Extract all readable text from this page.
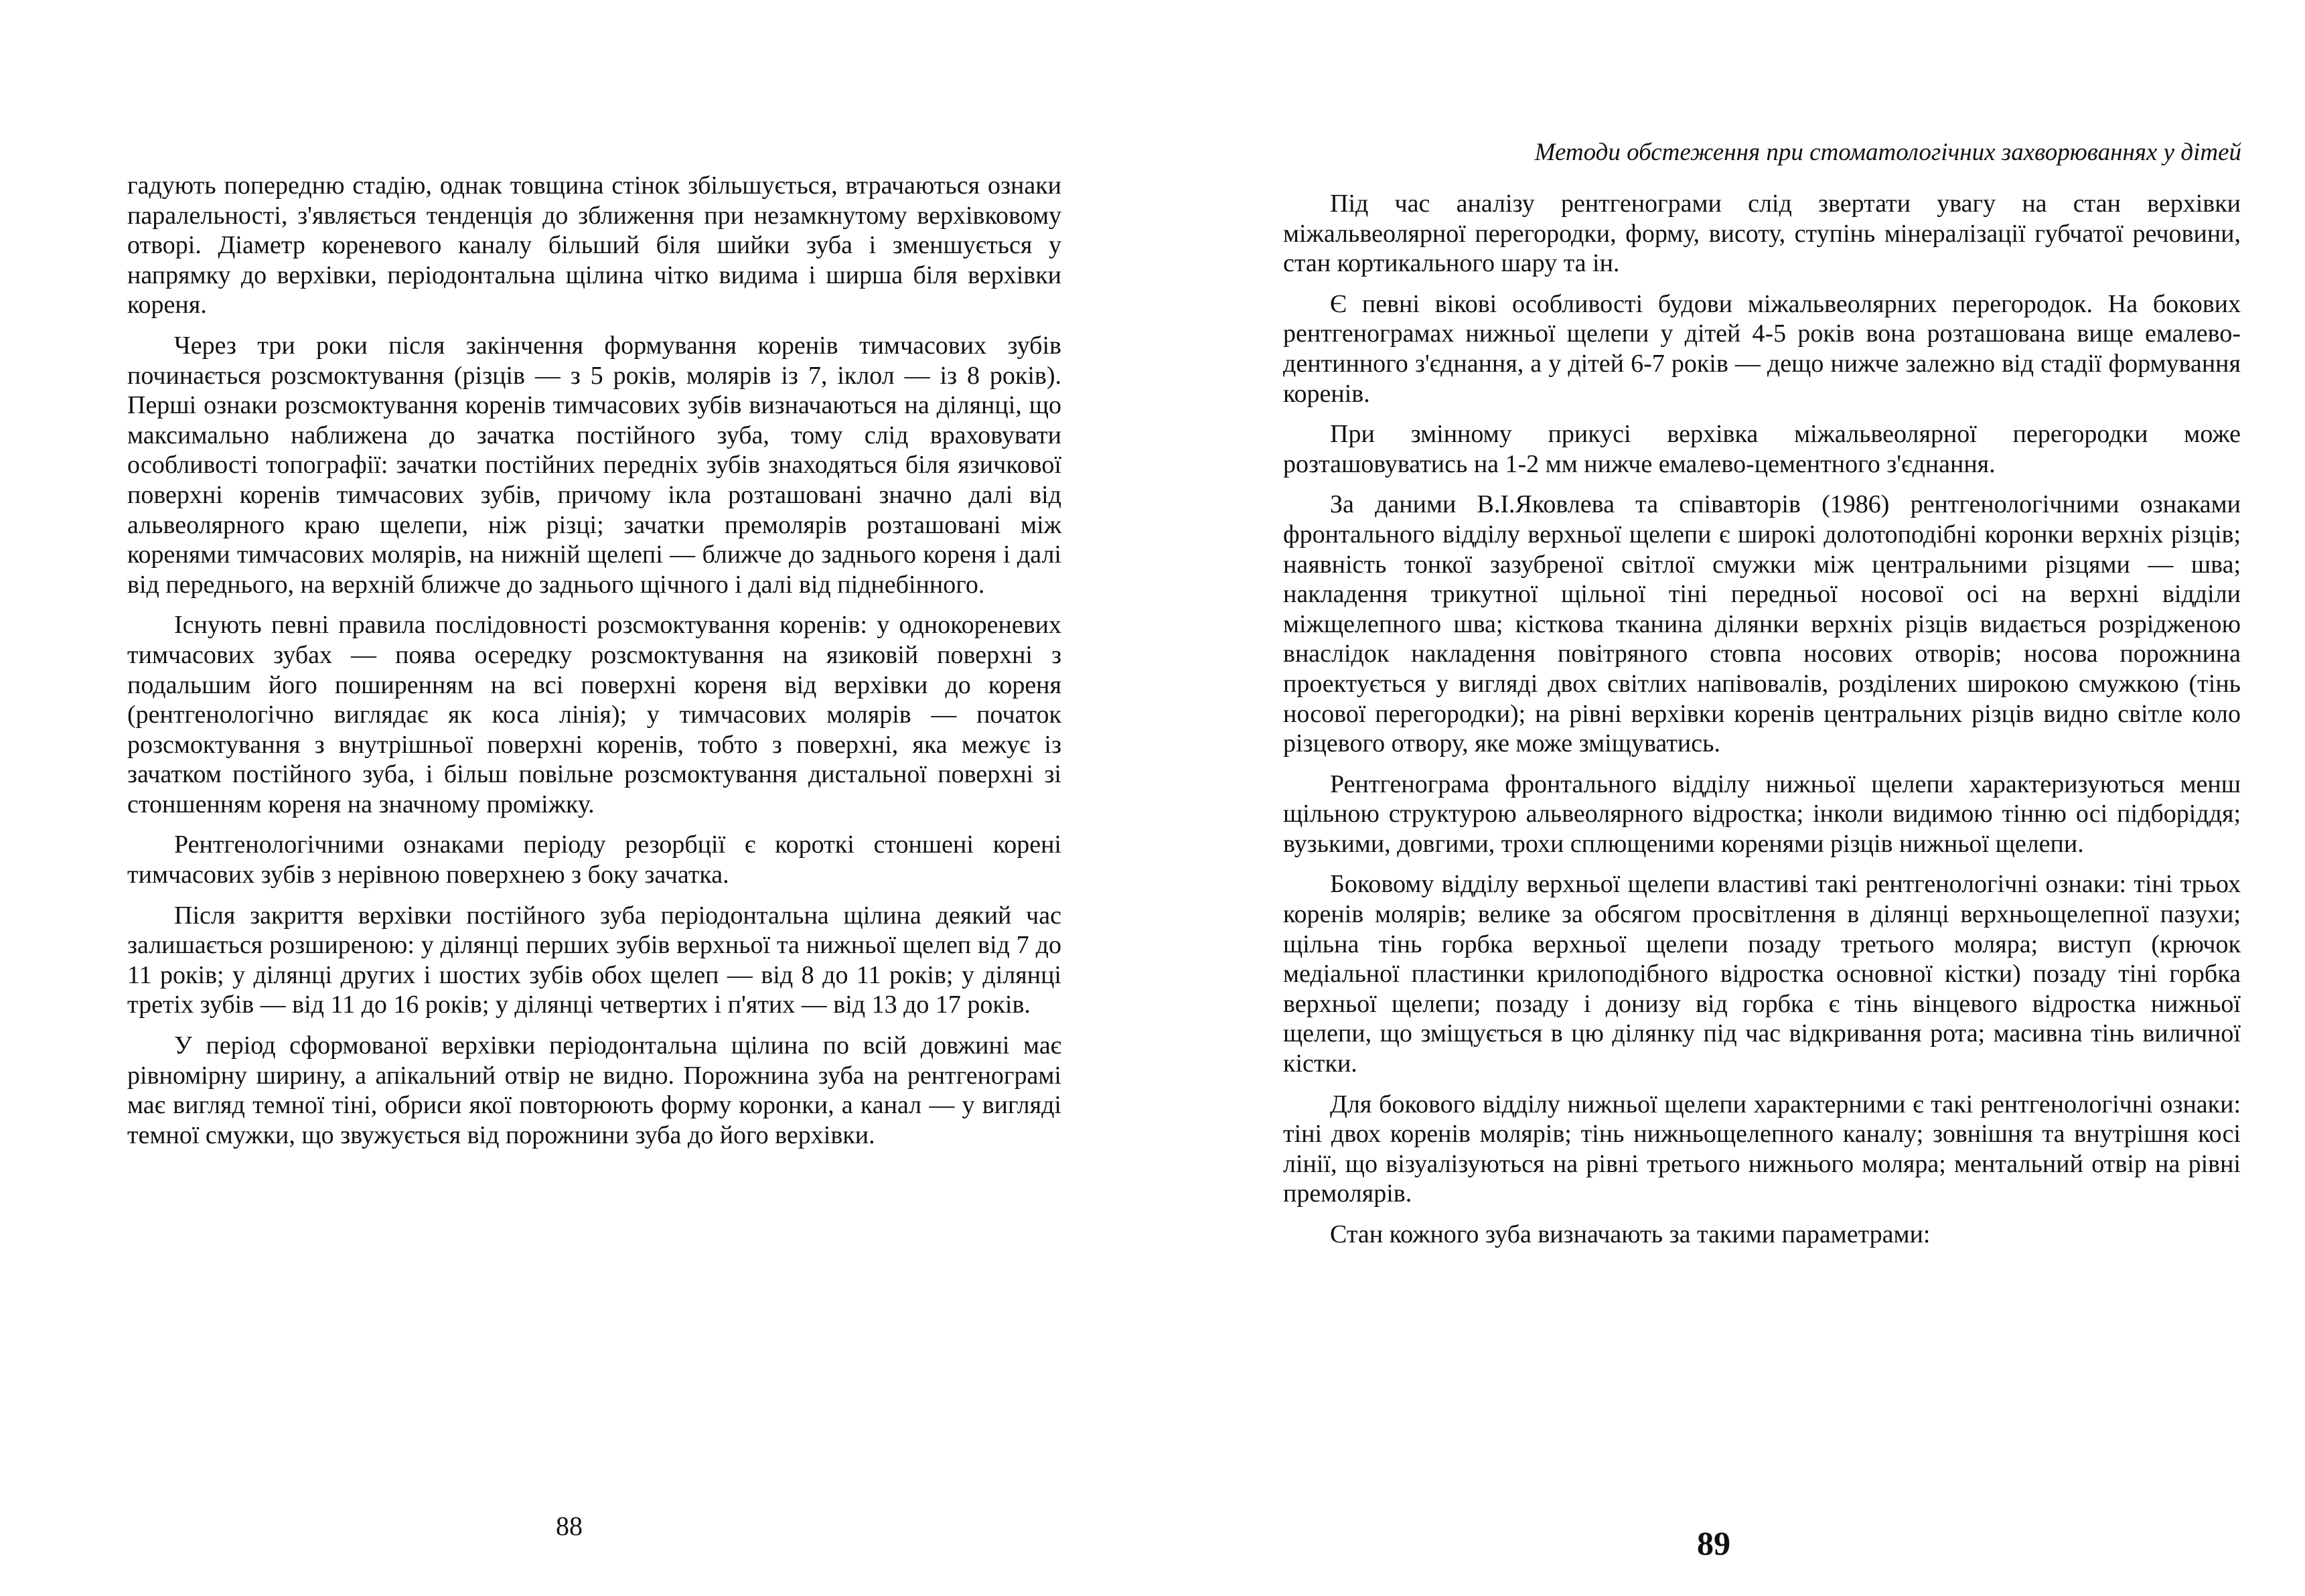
гадують попередню стадію, однак товщина стінок збільшується, втрачаються ознаки паралельності, з'являється тенденція до зближення при незамкнутому верхівковому отворі. Діаметр кореневого каналу більший біля шийки зуба і зменшується у напрямку до верхівки, періодонтальна щілина чітко видима і ширша біля верхівки кореня.

Через три роки після закінчення формування коренів тимчасових зубів починається розсмоктування (різців — з 5 років, молярів із 7, іклол — із 8 років). Перші ознаки розсмоктування коренів тимчасових зубів визначаються на ділянці, що максимально наближена до зачатка постійного зуба, тому слід враховувати особливості топографії: зачатки постійних передніх зубів знаходяться біля язичкової поверхні коренів тимчасових зубів, причому ікла розташовані значно далі від альвеолярного краю щелепи, ніж різці; зачатки премолярів розташовані між коренями тимчасових молярів, на нижній щелепі — ближче до заднього кореня і далі від переднього, на верхній ближче до заднього щічного і далі від піднебінного.

Існують певні правила послідовності розсмоктування коренів: у однокореневих тимчасових зубах — поява осередку розсмоктування на язиковій поверхні з подальшим його поширенням на всі поверхні кореня від верхівки до кореня (рентгенологічно виглядає як коса лінія); у тимчасових молярів — початок розсмоктування з внутрішньої поверхні коренів, тобто з поверхні, яка межує із зачатком постійного зуба, і більш повільне розсмоктування дистальної поверхні зі стоншенням кореня на значному проміжку.

Рентгенологічними ознаками періоду резорбції є короткі стоншені корені тимчасових зубів з нерівною поверхнею з боку зачатка.

Після закриття верхівки постійного зуба періодонтальна щілина деякий час залишається розширеною: у ділянці перших зубів верхньої та нижньої щелеп від 7 до 11 років; у ділянці других і шостих зубів обох щелеп — від 8 до 11 років; у ділянці третіх зубів — від 11 до 16 років; у ділянці четвертих і п'ятих — від 13 до 17 років.

У період сформованої верхівки періодонтальна щілина по всій довжині має рівномірну ширину, а апікальний отвір не видно. Порожнина зуба на рентгенограмі має вигляд темної тіні, обриси якої повторюють форму коронки, а канал — у вигляді темної смужки, що звужується від порожнини зуба до його верхівки.

88
Методи обстеження при стоматологічних захворюваннях у дітей

Під час аналізу рентгенограми слід звертати увагу на стан верхівки міжальвеолярної перегородки, форму, висоту, ступінь мінералізації губчатої речовини, стан кортикального шару та ін.

Є певні вікові особливості будови міжальвеолярних перегородок. На бокових рентгенограмах нижньої щелепи у дітей 4-5 років вона розташована вище емалево-дентинного з'єднання, а у дітей 6-7 років — дещо нижче залежно від стадії формування коренів.

При змінному прикусі верхівка міжальвеолярної перегородки може розташовуватись на 1-2 мм нижче емалево-цементного з'єднання.

За даними В.І.Яковлева та співавторів (1986) рентгенологічними ознаками фронтального відділу верхньої щелепи є широкі долотоподібні коронки верхніх різців; наявність тонкої зазубреної світлої смужки між центральними різцями — шва; накладення трикутної щільної тіні передньої носової осі на верхні відділи міжщелепного шва; кісткова тканина ділянки верхніх різців видається розрідженою внаслідок накладення повітряного стовпа носових отворів; носова порожнина проектується у вигляді двох світлих напівовалів, розділених широкою смужкою (тінь носової перегородки); на рівні верхівки коренів центральних різців видно світле коло різцевого отвору, яке може зміщуватись.

Рентгенограма фронтального відділу нижньої щелепи характеризуються менш щільною структурою альвеолярного відростка; інколи видимою тінню осі підборіддя; вузькими, довгими, трохи сплющеними коренями різців нижньої щелепи.

Боковому відділу верхньої щелепи властиві такі рентгенологічні ознаки: тіні трьох коренів молярів; велике за обсягом просвітлення в ділянці верхньощелепної пазухи; щільна тінь горбка верхньої щелепи позаду третього моляра; виступ (крючок медіальної пластинки крилоподібного відростка основної кістки) позаду тіні горбка верхньої щелепи; позаду і донизу від горбка є тінь вінцевого відростка нижньої щелепи, що зміщується в цю ділянку під час відкривання рота; масивна тінь виличної кістки.

Для бокового відділу нижньої щелепи характерними є такі рентгенологічні ознаки: тіні двох коренів молярів; тінь нижньощелепного каналу; зовнішня та внутрішня косі лінії, що візуалізуються на рівні третього нижнього моляра; ментальний отвір на рівні премолярів.

Стан кожного зуба визначають за такими параметрами:

89
